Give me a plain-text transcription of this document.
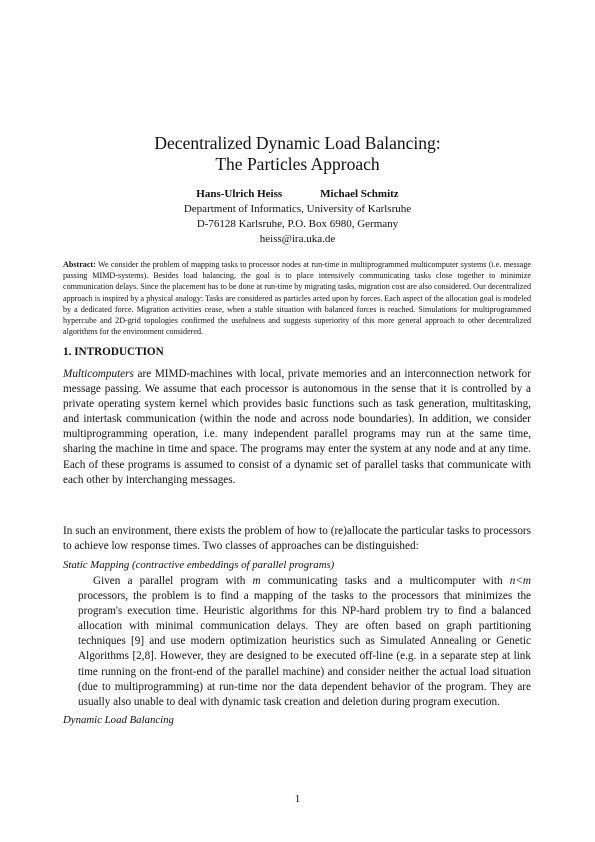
Decentralized Dynamic Load Balancing:
The Particles Approach
Hans-Ulrich Heiss	Michael Schmitz
Department of Informatics, University of Karlsruhe
D-76128 Karlsruhe, P.O. Box 6980, Germany
heiss@ira.uka.de
Abstract: We consider the problem of mapping tasks to processor nodes at run-time in multiprogrammed multicomputer systems (i.e. message passing MIMD-systems). Besides load balancing, the goal is to place intensively communicating tasks close together to minimize communication delays. Since the placement has to be done at run-time by migrating tasks, migration cost are also considered. Our decentralized approach is inspired by a physical analogy: Tasks are considered as particles acted upon by forces. Each aspect of the allocation goal is modeled by a dedicated force. Migration activities cease, when a stable situation with balanced forces is reached. Simulations for multiprogrammed hypercube and 2D-grid topologies confirmed the usefulness and suggests superiority of this more general approach to other decentralized algorithms for the environment considered.
1. INTRODUCTION
Multicomputers are MIMD-machines with local, private memories and an interconnection network for message passing. We assume that each processor is autonomous in the sense that it is controlled by a private operating system kernel which provides basic functions such as task generation, multitasking, and intertask communication (within the node and across node boundaries). In addition, we consider multiprogramming operation, i.e. many independent parallel programs may run at the same time, sharing the machine in time and space. The programs may enter the system at any node and at any time. Each of these programs is assumed to consist of a dynamic set of parallel tasks that communicate with each other by interchanging messages.
In such an environment, there exists the problem of how to (re)allocate the particular tasks to processors to achieve low response times. Two classes of approaches can be distinguished:
Static Mapping (contractive embeddings of parallel programs)
Given a parallel program with m communicating tasks and a multicomputer with n<m processors, the problem is to find a mapping of the tasks to the processors that minimizes the program's execution time. Heuristic algorithms for this NP-hard problem try to find a balanced allocation with minimal communication delays. They are often based on graph partitioning techniques [9] and use modern optimization heuristics such as Simulated Annealing or Genetic Algorithms [2,8]. However, they are designed to be executed off-line (e.g. in a separate step at link time running on the front-end of the parallel machine) and consider neither the actual load situation (due to multiprogramming) at run-time nor the data dependent behavior of the program. They are usually also unable to deal with dynamic task creation and deletion during program execution.
Dynamic Load Balancing
1
